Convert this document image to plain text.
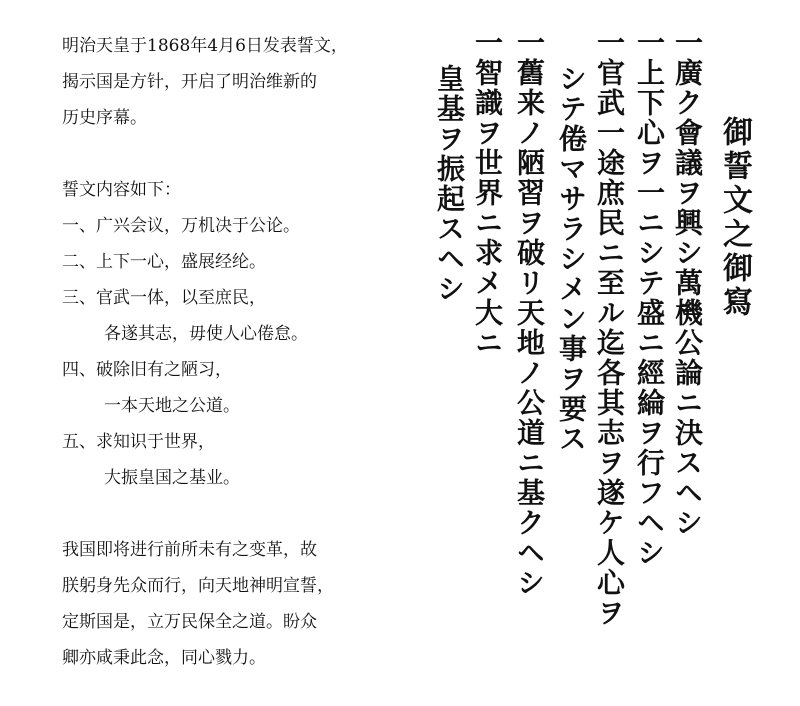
明治天皇于1868年4月6日发表誓文，
揭示国是方针，开启了明治维新的
历史序幕。
誓文内容如下：
一、广兴会议，万机决于公论。
二、上下一心，盛展经纶。
三、官武一体，以至庶民，
各遂其志，毋使人心倦怠。
四、破除旧有之陋习，
一本天地之公道。
五、求知识于世界，
大振皇国之基业。
我国即将进行前所未有之变革，故
朕躬身先众而行，向天地神明宣誓，
定斯国是，立万民保全之道。盼众
卿亦咸秉此念，同心戮力。
御誓文之御寫
一廣ク會議ヲ興シ萬機公論ニ決スヘシ
一上下心ヲ一ニシテ盛ニ經綸ヲ行フヘシ
一官武一途庶民ニ至ル迄各其志ヲ遂ケ人心ヲ
シテ倦マサラシメン事ヲ要ス
一舊来ノ陋習ヲ破リ天地ノ公道ニ基クヘシ
一智識ヲ世界ニ求メ大ニ
皇基ヲ振起スヘシ
